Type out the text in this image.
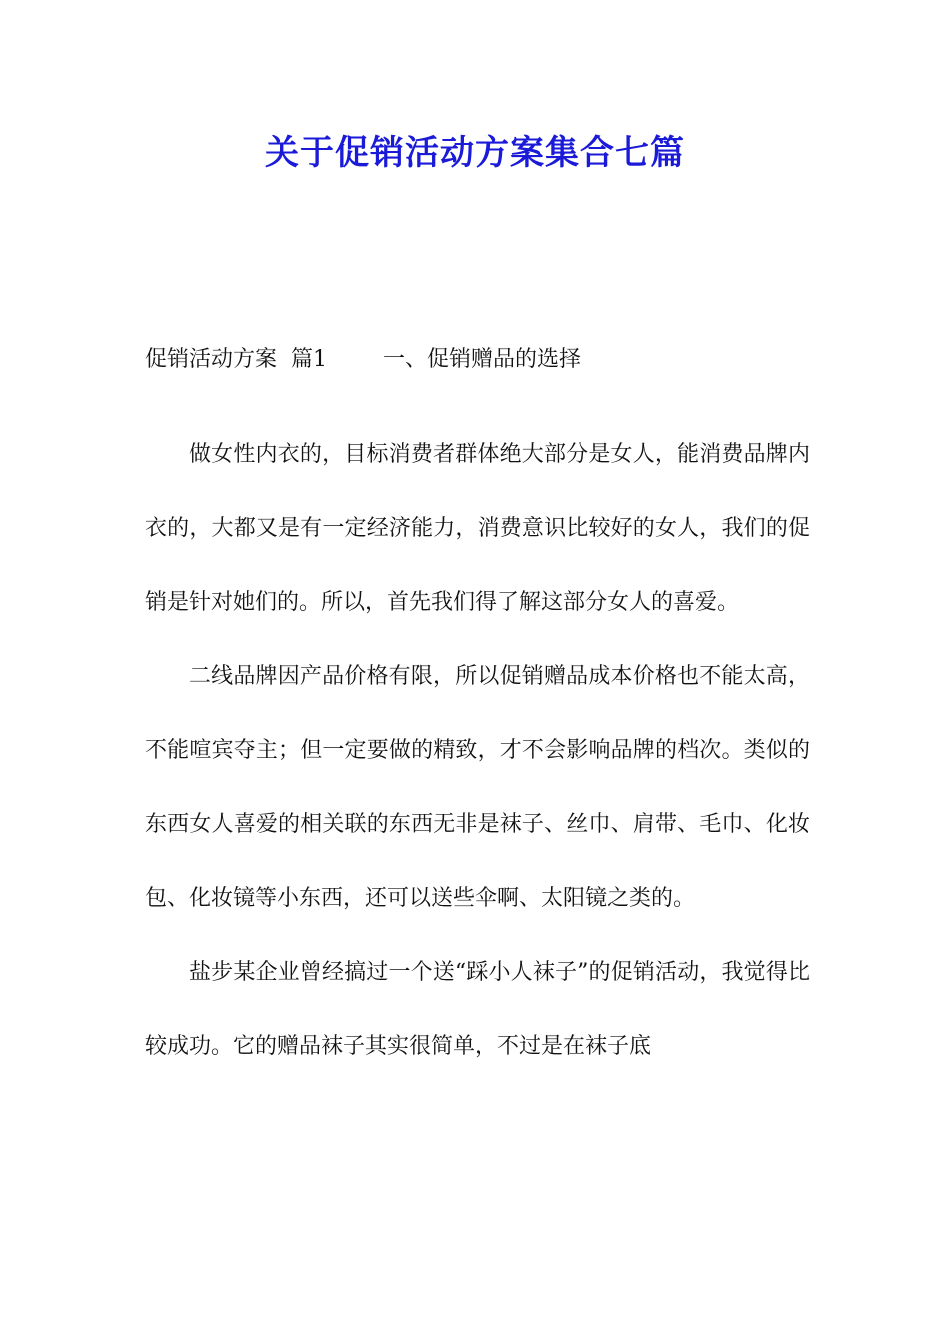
关于促销活动方案集合七篇
促销活动方案  篇1	一、促销赠品的选择

做女性内衣的，目标消费者群体绝大部分是女人，能消费品牌内衣的，大都又是有一定经济能力，消费意识比较好的女人，我们的促销是针对她们的。所以，首先我们得了解这部分女人的喜爱。

二线品牌因产品价格有限，所以促销赠品成本价格也不能太高，不能喧宾夺主；但一定要做的精致，才不会影响品牌的档次。类似的东西女人喜爱的相关联的东西无非是袜子、丝巾、肩带、毛巾、化妆包、化妆镜等小东西，还可以送些伞啊、太阳镜之类的。

盐步某企业曾经搞过一个送“踩小人袜子”的促销活动，我觉得比较成功。它的赠品袜子其实很简单，不过是在袜子底
